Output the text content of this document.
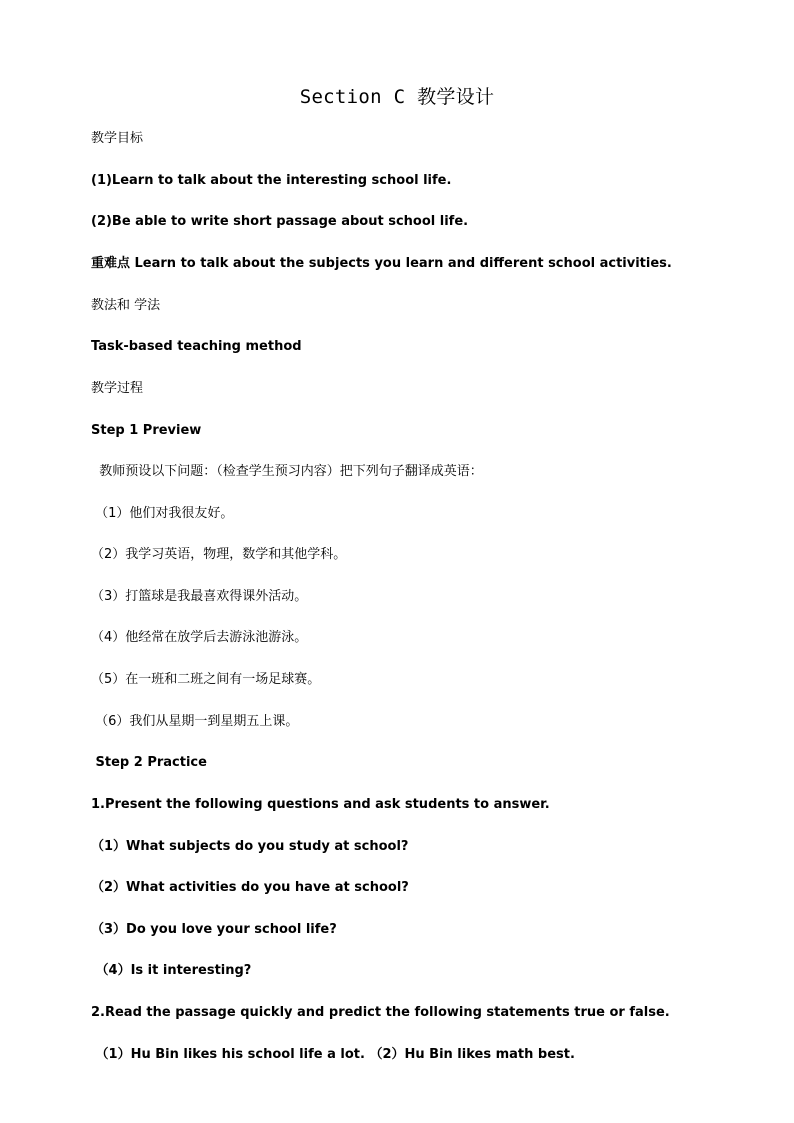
Section C 教学设计
教学目标
(1)Learn to talk about the interesting school life.
(2)Be able to write short passage about school life.
重难点 Learn to talk about the subjects you learn and different school activities.
教法和 学法
Task-based teaching method
教学过程
Step 1 Preview
教师预设以下问题：（检查学生预习内容）把下列句子翻译成英语：
（1）他们对我很友好。
（2）我学习英语，物理，数学和其他学科。
（3）打篮球是我最喜欢得课外活动。
（4）他经常在放学后去游泳池游泳。
（5）在一班和二班之间有一场足球赛。
（6）我们从星期一到星期五上课。
Step 2 Practice
1.Present the following questions and ask students to answer.
（1）What subjects do you study at school?
（2）What activities do you have at school?
（3）Do you love your school life?
（4）Is it interesting?
2.Read the passage quickly and predict the following statements true or false.
（1）Hu Bin likes his school life a lot. （2）Hu Bin likes math best.
